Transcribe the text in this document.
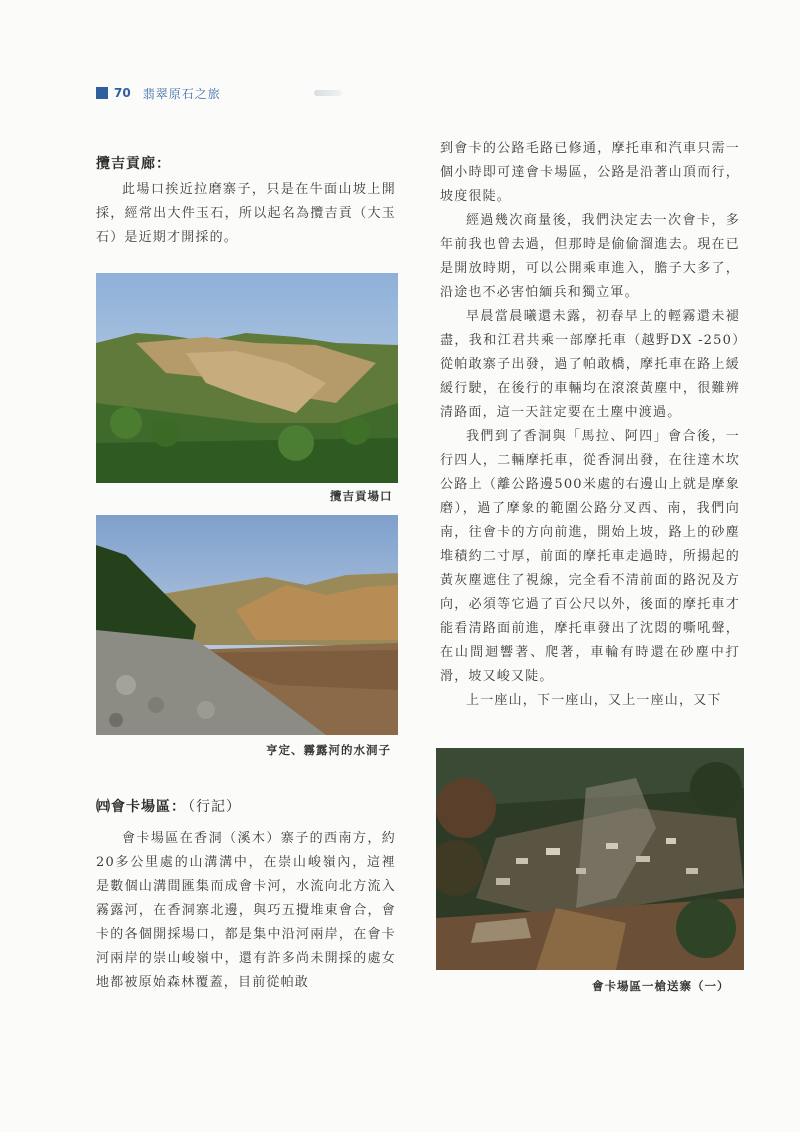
70 翡翠原石之旅

攬吉貢廊：

此場口挨近拉磨寨子，只是在牛面山坡上開採，經常出大件玉石，所以起名為攬吉貢（大玉石）是近期才開採的。

攬吉貢場口
亨定、霧露河的水洞子

㈣會卡場區： （行記）

會卡場區在香洞（溪木）寨子的西南方，約20多公里處的山溝溝中，在崇山峻嶺內，這裡是數個山溝間匯集而成會卡河，水流向北方流入霧露河，在香洞寨北邊，與巧五攪堆東會合，會卡的各個開採場口，都是集中沿河兩岸，在會卡河兩岸的崇山峻嶺中，還有許多尚未開採的處女地都被原始森林覆蓋，目前從帕敢

到會卡的公路毛路已修通，摩托車和汽車只需一個小時即可達會卡場區，公路是沿著山頂而行，坡度很陡。

經過幾次商量後，我們決定去一次會卡，多年前我也曾去過，但那時是偷偷溜進去。現在已是開放時期，可以公開乘車進入，膽子大多了，沿途也不必害怕緬兵和獨立軍。

早晨當晨曦還未露，初春早上的輕霧還未褪盡，我和江君共乘一部摩托車（越野DX -250）從帕敢寨子出發，過了帕敢橋，摩托車在路上緩緩行駛，在後行的車輛均在滾滾黃塵中，很難辨清路面，這一天註定要在土塵中渡過。

我們到了香洞與「馬拉、阿四」會合後，一行四人，二輛摩托車，從香洞出發，在往達木坎公路上（離公路邊500米處的右邊山上就是摩象磨），過了摩象的範圍公路分叉西、南，我們向南，往會卡的方向前進，開始上坡，路上的砂塵堆積約二寸厚，前面的摩托車走過時，所揚起的黃灰塵遮住了視線，完全看不清前面的路況及方向，必須等它過了百公尺以外，後面的摩托車才能看清路面前進，摩托車發出了沈悶的嘶吼聲，在山間迴響著、爬著，車輪有時還在砂塵中打滑，坡又峻又陡。

上一座山，下一座山，又上一座山，又下

會卡場區一槍送寨（一）
